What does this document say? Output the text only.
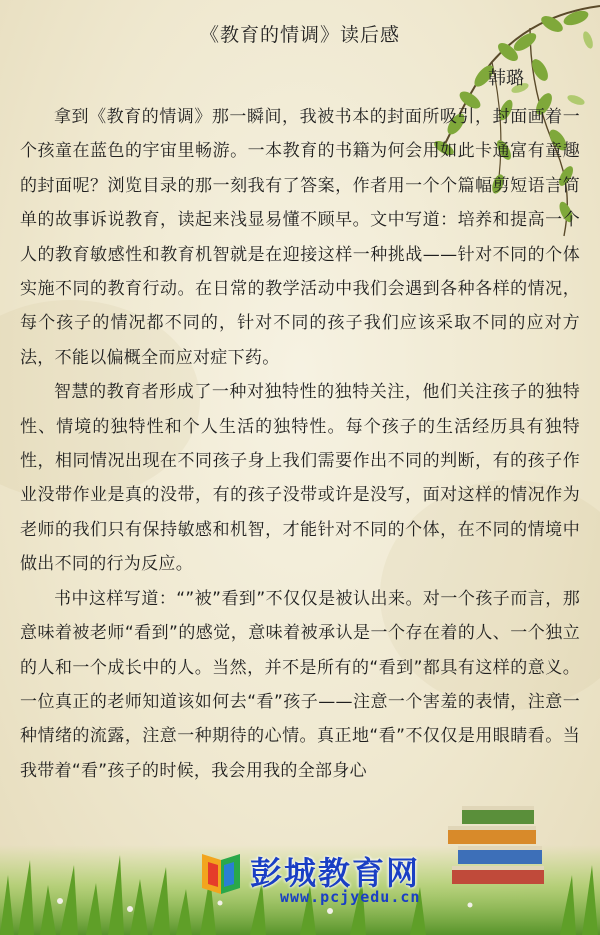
《教育的情调》读后感
韩璐

拿到《教育的情调》那一瞬间，我被书本的封面所吸引，封面画着一个孩童在蓝色的宇宙里畅游。一本教育的书籍为何会用如此卡通富有童趣的封面呢？浏览目录的那一刻我有了答案，作者用一个个篇幅剪短语言简单的故事诉说教育，读起来浅显易懂不顾早。文中写道：培养和提高一个人的教育敏感性和教育机智就是在迎接这样一种挑战——针对不同的个体实施不同的教育行动。在日常的教学活动中我们会遇到各种各样的情况，每个孩子的情况都不同的，针对不同的孩子我们应该采取不同的应对方法，不能以偏概全而应对症下药。

智慧的教育者形成了一种对独特性的独特关注，他们关注孩子的独特性、情境的独特性和个人生活的独特性。每个孩子的生活经历具有独特性，相同情况出现在不同孩子身上我们需要作出不同的判断，有的孩子作业没带作业是真的没带，有的孩子没带或许是没写，面对这样的情况作为老师的我们只有保持敏感和机智，才能针对不同的个体，在不同的情境中做出不同的行为反应。

书中这样写道：“”被”看到”不仅仅是被认出来。对一个孩子而言，那意味着被老师“看到”的感觉，意味着被承认是一个存在着的人、一个独立的人和一个成长中的人。当然，并不是所有的“看到”都具有这样的意义。一位真正的老师知道该如何去“看”孩子——注意一个害羞的表情，注意一种情绪的流露，注意一种期待的心情。真正地“看”不仅仅是用眼睛看。当我带着“看”孩子的时候，我会用我的全部身心

彭城教育网
www.pcjyedu.cn
